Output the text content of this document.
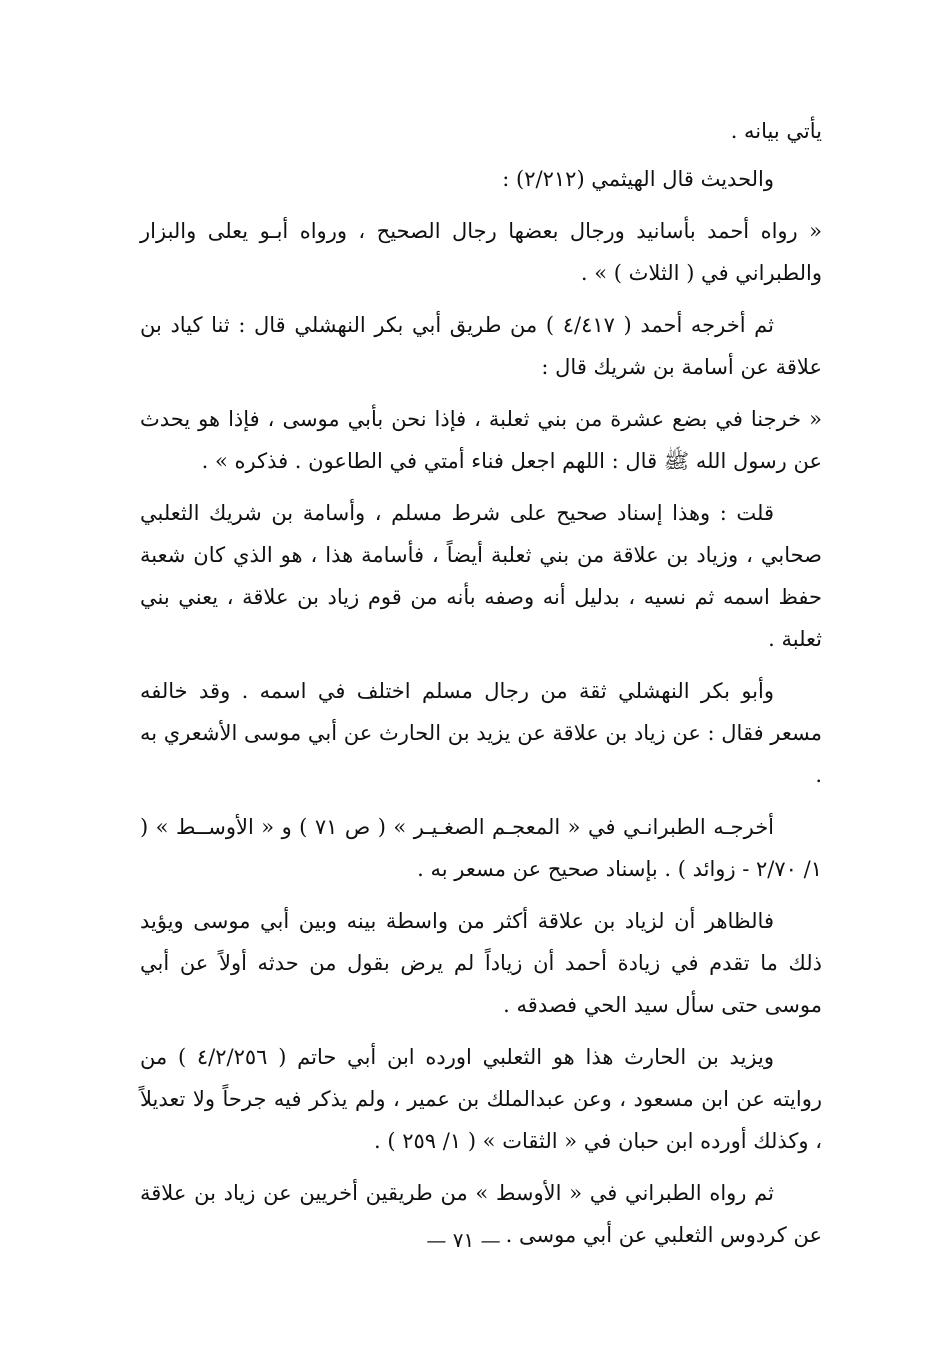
يأتي بيانه .

والحديث قال الهيثمي (٢/٢١٢) :

« رواه أحمد بأسانيد ورجال بعضها رجال الصحيح ، ورواه أبـو يعلى والبزار والطبراني في ( الثلاث ) » .

ثم أخرجه أحمد ( ٤/٤١٧ ) من طريق أبي بكر النهشلي قال : ثنا كياد بن علاقة عن أسامة بن شريك قال :

« خرجنا في بضع عشرة من بني ثعلبة ، فإذا نحن بأبي موسى ، فإذا هو يحدث عن رسول الله ﷺ قال : اللهم اجعل فناء أمتي في الطاعون . فذكره » .

قلت : وهذا إسناد صحيح على شرط مسلم ، وأسامة بن شريك الثعلبي صحابي ، وزياد بن علاقة من بني ثعلبة أيضاً ، فأسامة هذا ، هو الذي كان شعبة حفظ اسمه ثم نسيه ، بدليل أنه وصفه بأنه من قوم زياد بن علاقة ، يعني بني ثعلبة .

وأبو بكر النهشلي ثقة من رجال مسلم اختلف في اسمه . وقد خالفه مسعر فقال : عن زياد بن علاقة عن يزيد بن الحارث عن أبي موسى الأشعري به .

أخرجـه الطبرانـي في « المعجـم الصغـيـر » ( ص ٧١ ) و « الأوســط » ( ١/ ٢/٧٠ - زوائد ) . بإسناد صحيح عن مسعر به .

فالظاهر أن لزياد بن علاقة أكثر من واسطة بينه وبين أبي موسى ويؤيد ذلك ما تقدم في زيادة أحمد أن زياداً لم يرض بقول من حدثه أولاً عن أبي موسى حتى سأل سيد الحي فصدقه .

ويزيد بن الحارث هذا هو الثعلبي اورده ابن أبي حاتم ( ٤/٢/٢٥٦ ) من روايته عن ابن مسعود ، وعن عبدالملك بن عمير ، ولم يذكر فيه جرحاً ولا تعديلاً ، وكذلك أورده ابن حبان في « الثقات » ( ١/ ٢٥٩ ) .

ثم رواه الطبراني في « الأوسط » من طريقين أخريين عن زياد بن علاقة عن كردوس الثعلبي عن أبي موسى .

— ٧١ —
